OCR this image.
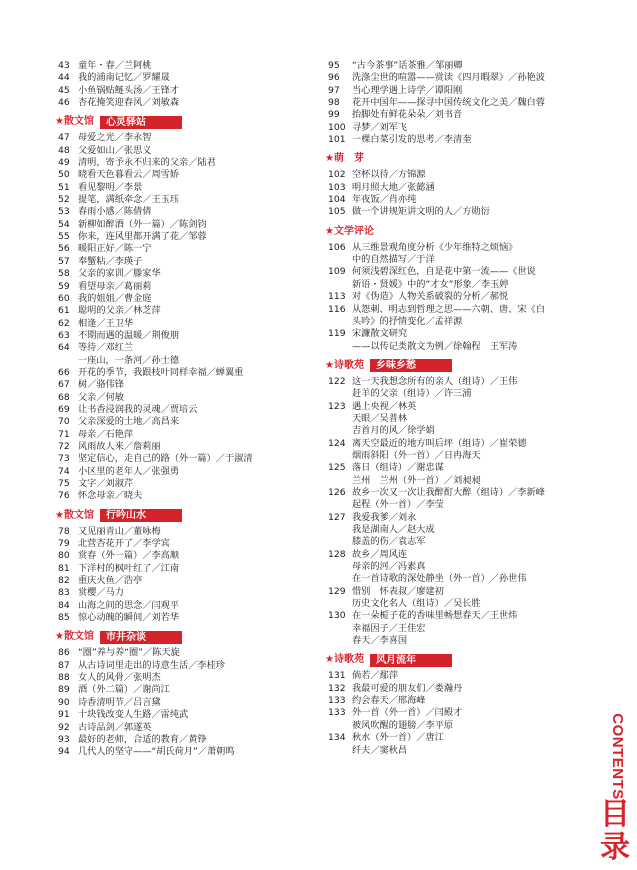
43 童年・春／兰阿桃
44 我的浦南记忆／罗耀晟
45 小鱼锅贴鲢头汤／王锋才
46 杏花掩笑迎春风／刘敏森
★ 散文馆	心灵驿站
47 母爱之光／李永智
48 父爱如山／张思义
49 清明，寄予永不归来的父亲／陆君
50 晓看天色暮看云／周雪娇
51 看见黎明／李景
52 提笔，满纸牵念／王玉珏
53 春雨小感／陈倩倩
54 新柳如醉酒（外一篇）／陈剑钧
55 你来，连风里都开满了花／邹蓉
56 暖阳正好／陈一宁
57 奉蟹粘／李瑛子
58 父亲的家训／滕家华
59 看望母亲／葛丽莉
60 我的姐姐／曹金庭
61 聪明的父亲／林芝萍
62 相逢／王卫华
63 不期而遇的温暖／荆俊朋
64 等待／邓红兰
一座山，一条河／孙士德
66 开花的季节，我跟枝叶同样幸福／蝉翼重
67 树／骆伟锋
68 父亲／何敏
69 让书香浸润我的灵魂／贾培云
70 父亲深爱的土地／高昌来
71 母亲／石艳萍
72 风雨故人来／詹莉丽
73 坚定信心，走自己的路（外一篇）／于淑清
74 小区里的老年人／张强勇
75 文字／刘淑芹
76 怀念母亲／晓夫
★ 散文馆	行吟山水
78 又见丽青山／董咏梅
79 北营杏花开了／李学宾
80 赏春（外一篇）／李高顺
81 下洋村的枫叶红了／江南
82 重庆火鱼／浩亭
83 赏樱／马力
84 山海之间的思念／闫观平
85 惊心动魄的瞬间／刘若华
★ 散文馆	市井杂谈
86 “圈”养与养“圈”／陈天旋
87 从古诗词里走出的诗意生活／李桂珍
88 女人的风骨／张明杰
89 酒（外二篇）／谢尚江
90 诗香清明节／吕言黛
91 十块钱改变人生路／雷纯武
92 古诗品剑／郭遂英
93 最好的老师，合适的教育／黄铮
94 几代人的坚守——“胡氏荷月”／萧朝鸣
95	“古今茶事”话茶雅／邹丽卿
96	洗涤尘世的喧嚣——赏读《四月暇翠》／孙艳波
97	当心理学遇上诗学／谭阳刚
98	花开中国年——探寻中国传统文化之美／魏白蓉
99	抬脚处有鲜花朵朵／刘书音
100 寻梦／刘军飞
101 一棵白菜引发的思考／李清奎
★ 萌　芽
102 空杯以待／方锦源
103 明月照大地／张懿涵
104 年夜饭／肖亦纯
105 做一个讲规矩讲文明的人／方勋衍
★ 文学评论
106 从三维景观角度分析《少年维特之烦恼》
中的自然描写／于洋
109 何须浅碧深红色，自是花中第一流——《世说
新语・贤媛》中的“才女”形象／李玉婷
113 对《伪造》人物关系破裂的分析／郝悦
116 从怨刺、明志到哲理之思——六朝、唐、宋《白
头吟》的抒情变化／孟祥源
119 宋濂散文研究
——以传记类散文为例／徐翰程　王军涛
★ 诗歌苑	乡味乡愁
122 这一天我想念所有的亲人（组诗）／王伟
赶羊的父亲（组诗）／许三浦
123 遇上央视／林英
天眼／吴普林
吉首月的风／徐学娟
124 离天空最近的地方叫后坪（组诗）／崔荣德
烟雨斜阳（外一首）／日冉海天
125 落日（组诗）／谢忠谋
兰州　兰州（外一首）／刘昶昶
126 故乡一次又一次让我醉酊大醉（组诗）／李新峰
起程（外一首）／李莹
127 我爱我爹／刘永
我是湖南人／赵大成
膝盖的伤／袁志军
128 故乡／周风连
母亲的河／冯素真
在一首诗歌的深处静坐（外一首）／孙世伟
129 惜别　怀表叔／廖建初
历史文化名人（组诗）／吴长胜
130 在一朵栀子花的香味里畅想春天／王世炜
幸福因子／王佳宏
春天／李喜国
★ 诗歌苑	风月流年
131 倘若／鄢萍
132 我最可爱的朋友们／娄瀚丹
133 约会春天／邢海峰
133 外一首（外一首）／闫殿才
被风吹醒的翅膀／李平原
134 秋水（外一首）／唐江
纤夫／窦秋昌	CONTENTS
目
录
